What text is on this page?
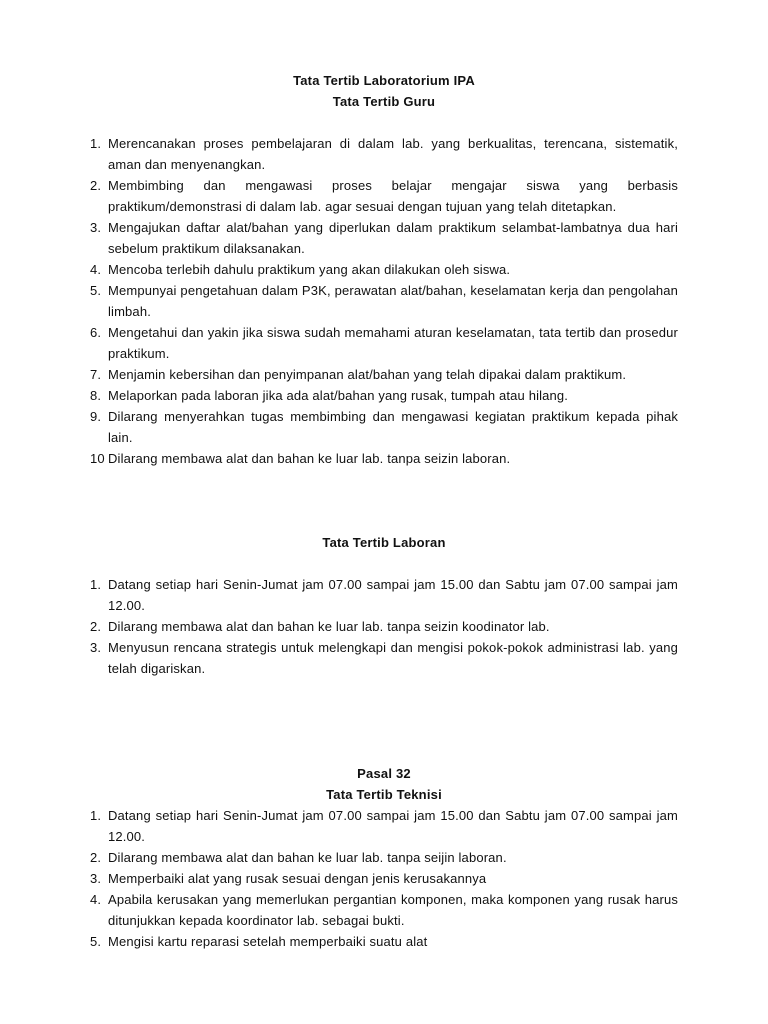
Tata Tertib Laboratorium IPA
Tata Tertib Guru
1. Merencanakan proses pembelajaran di dalam lab. yang berkualitas, terencana, sistematik, aman dan menyenangkan.
2. Membimbing dan mengawasi proses belajar mengajar siswa yang berbasis praktikum/demonstrasi di dalam lab. agar sesuai dengan tujuan yang telah ditetapkan.
3. Mengajukan daftar alat/bahan yang diperlukan dalam praktikum selambat-lambatnya dua hari sebelum praktikum dilaksanakan.
4. Mencoba terlebih dahulu praktikum yang akan dilakukan oleh siswa.
5. Mempunyai pengetahuan dalam P3K, perawatan alat/bahan, keselamatan kerja dan pengolahan limbah.
6. Mengetahui dan yakin jika siswa sudah memahami aturan keselamatan, tata tertib dan prosedur praktikum.
7. Menjamin kebersihan dan penyimpanan alat/bahan yang telah dipakai dalam praktikum.
8. Melaporkan pada laboran jika ada alat/bahan yang rusak, tumpah atau hilang.
9. Dilarang menyerahkan tugas membimbing dan mengawasi kegiatan praktikum kepada pihak lain.
10 Dilarang membawa alat dan bahan ke luar lab. tanpa seizin laboran.
Tata Tertib Laboran
1. Datang setiap hari Senin-Jumat jam 07.00 sampai jam 15.00 dan Sabtu jam 07.00 sampai jam 12.00.
2. Dilarang membawa alat dan bahan ke luar lab. tanpa seizin koodinator lab.
3. Menyusun rencana strategis untuk melengkapi dan mengisi pokok-pokok administrasi lab. yang telah digariskan.
Pasal 32
Tata Tertib Teknisi
1. Datang setiap hari Senin-Jumat jam 07.00 sampai jam 15.00 dan Sabtu jam 07.00 sampai jam 12.00.
2. Dilarang membawa alat dan bahan ke luar lab. tanpa seijin laboran.
3. Memperbaiki alat yang rusak sesuai dengan jenis kerusakannya
4. Apabila kerusakan yang memerlukan pergantian komponen, maka komponen yang rusak harus ditunjukkan kepada koordinator lab. sebagai bukti.
5. Mengisi kartu reparasi setelah memperbaiki suatu alat
